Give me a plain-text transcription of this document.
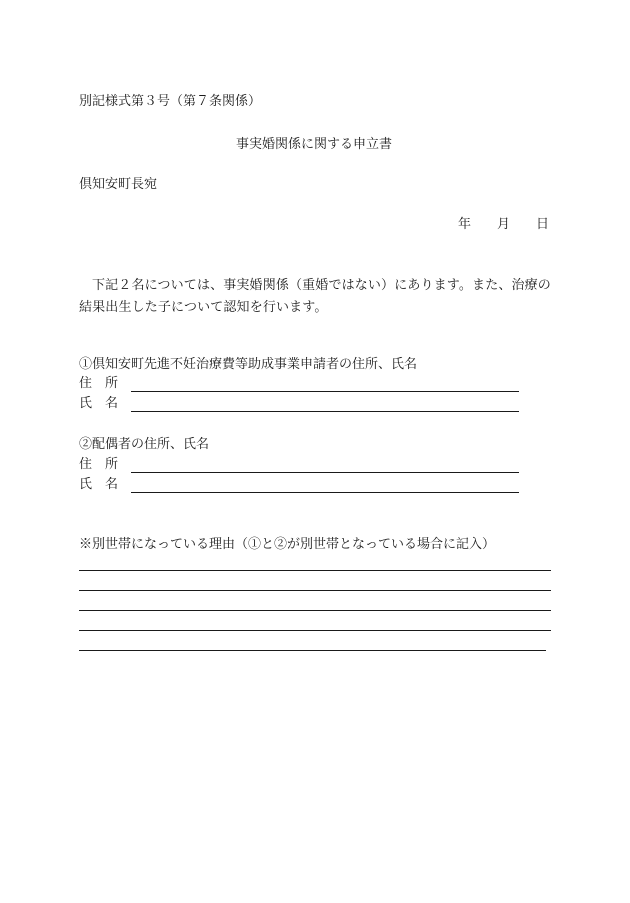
別記様式第３号（第７条関係）
事実婚関係に関する申立書
倶知安町長宛
年 月 日
下記２名については、事実婚関係（重婚ではない）にあります。また、治療の結果出生した子について認知を行います。
①倶知安町先進不妊治療費等助成事業申請者の住所、氏名
住 所
氏 名
②配偶者の住所、氏名
住 所
氏 名
※別世帯になっている理由（①と②が別世帯となっている場合に記入）
